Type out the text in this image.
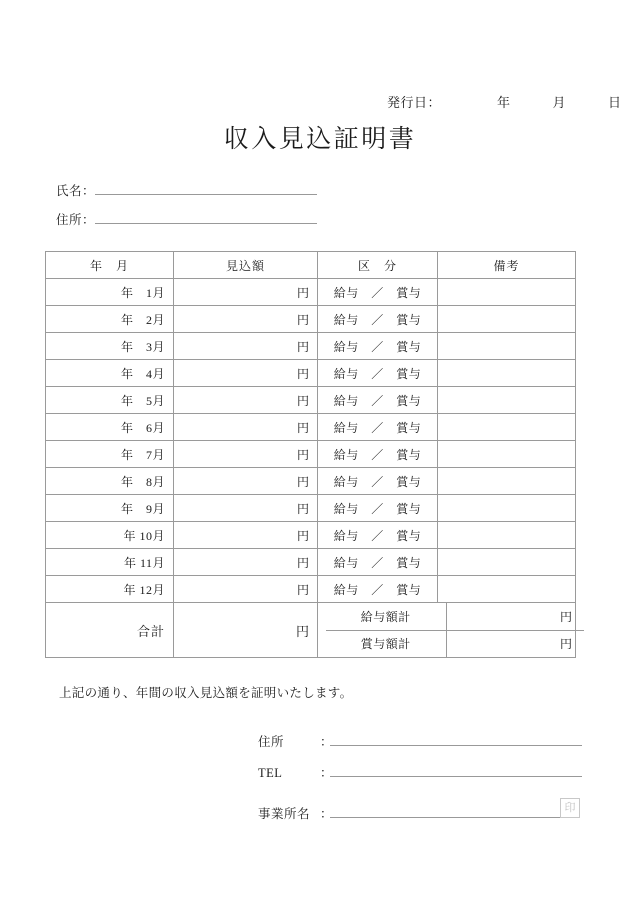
発行日：	年	月	日

収入見込証明書
氏名：
住所：
年　月	見込額	区　分	備考
年　1月	円	給与　／　賞与	
年　2月	円	給与　／　賞与	
年　3月	円	給与　／　賞与	
年　4月	円	給与　／　賞与	
年　5月	円	給与　／　賞与	
年　6月	円	給与　／　賞与	
年　7月	円	給与　／　賞与	
年　8月	円	給与　／　賞与	
年　9月	円	給与　／　賞与	
年 10月	円	給与　／　賞与	
年 11月	円	給与　／　賞与	
年 12月	円	給与　／　賞与	
合計	円	
給与額計	円
賞与額計	円
上記の通り、年間の収入見込額を証明いたします。
住所	：
TEL	：
事業所名 ：	印
